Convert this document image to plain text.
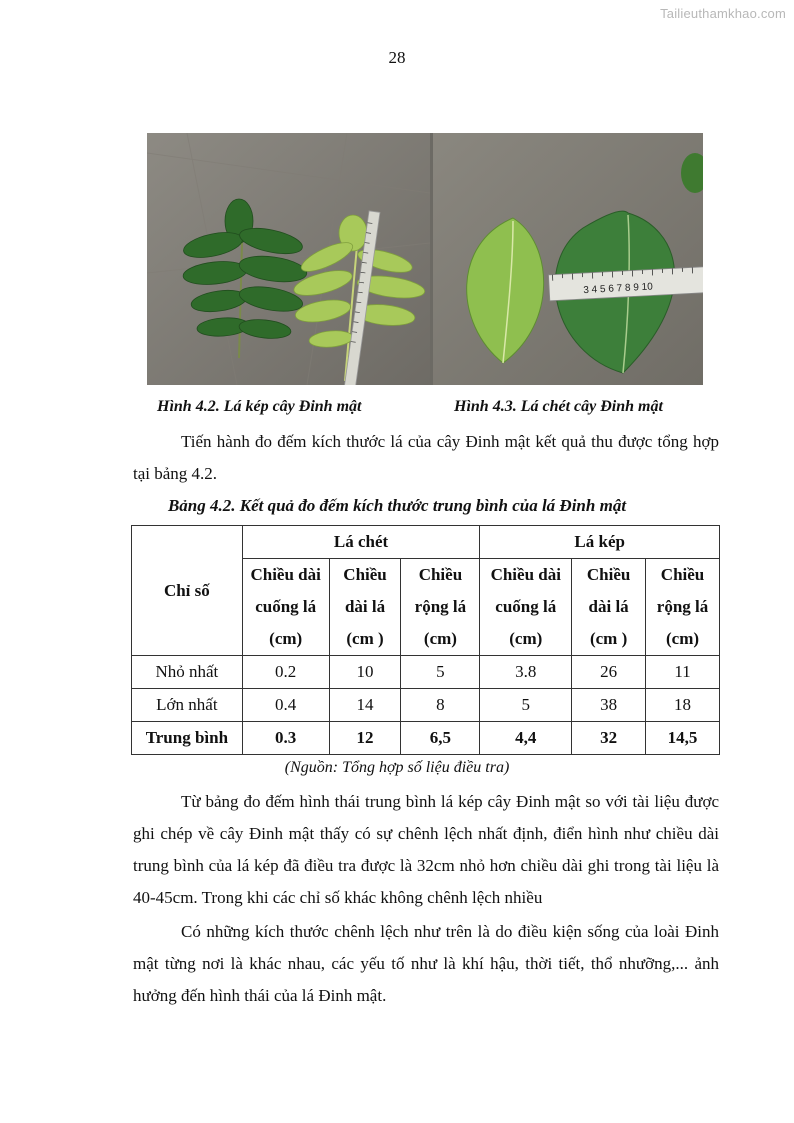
Tailieuthamkhao.com
28
3 4 5 6 7 8 9 10
Hình 4.2. Lá kép cây Đinh mật	Hình 4.3. Lá chét cây Đinh mật
Tiến hành đo đếm kích thước lá của cây Đinh mật kết quả thu được tổng hợp tại bảng 4.2.
Bảng 4.2. Kết quả đo đếm kích thước trung bình của lá Đinh mật
Chỉ số	Lá chét			Lá kép		
	Chiều dài cuống lá (cm)	Chiều dài lá (cm )	Chiều rộng lá (cm)	Chiều dài cuống lá (cm)	Chiều dài lá (cm )	Chiều rộng lá (cm)
Nhỏ nhất	0.2	10	5	3.8	26	11
Lớn nhất	0.4	14	8	5	38	18
Trung bình	0.3	12	6,5	4,4	32	14,5
(Nguồn: Tổng hợp số liệu điều tra)
Từ bảng đo đếm hình thái trung bình lá kép cây Đinh mật so với tài liệu được ghi chép về cây Đinh mật thấy có sự chênh lệch nhất định, điển hình như chiều dài trung bình của lá kép đã điều tra được là 32cm nhỏ hơn chiều dài ghi trong tài liệu là 40-45cm. Trong khi các chỉ số khác không chênh lệch nhiều
Có những kích thước chênh lệch như trên là do điều kiện sống của loài Đinh mật từng nơi là khác nhau, các yếu tố như là khí hậu, thời tiết, thổ nhưỡng,... ảnh hưởng đến hình thái của lá Đinh mật.
